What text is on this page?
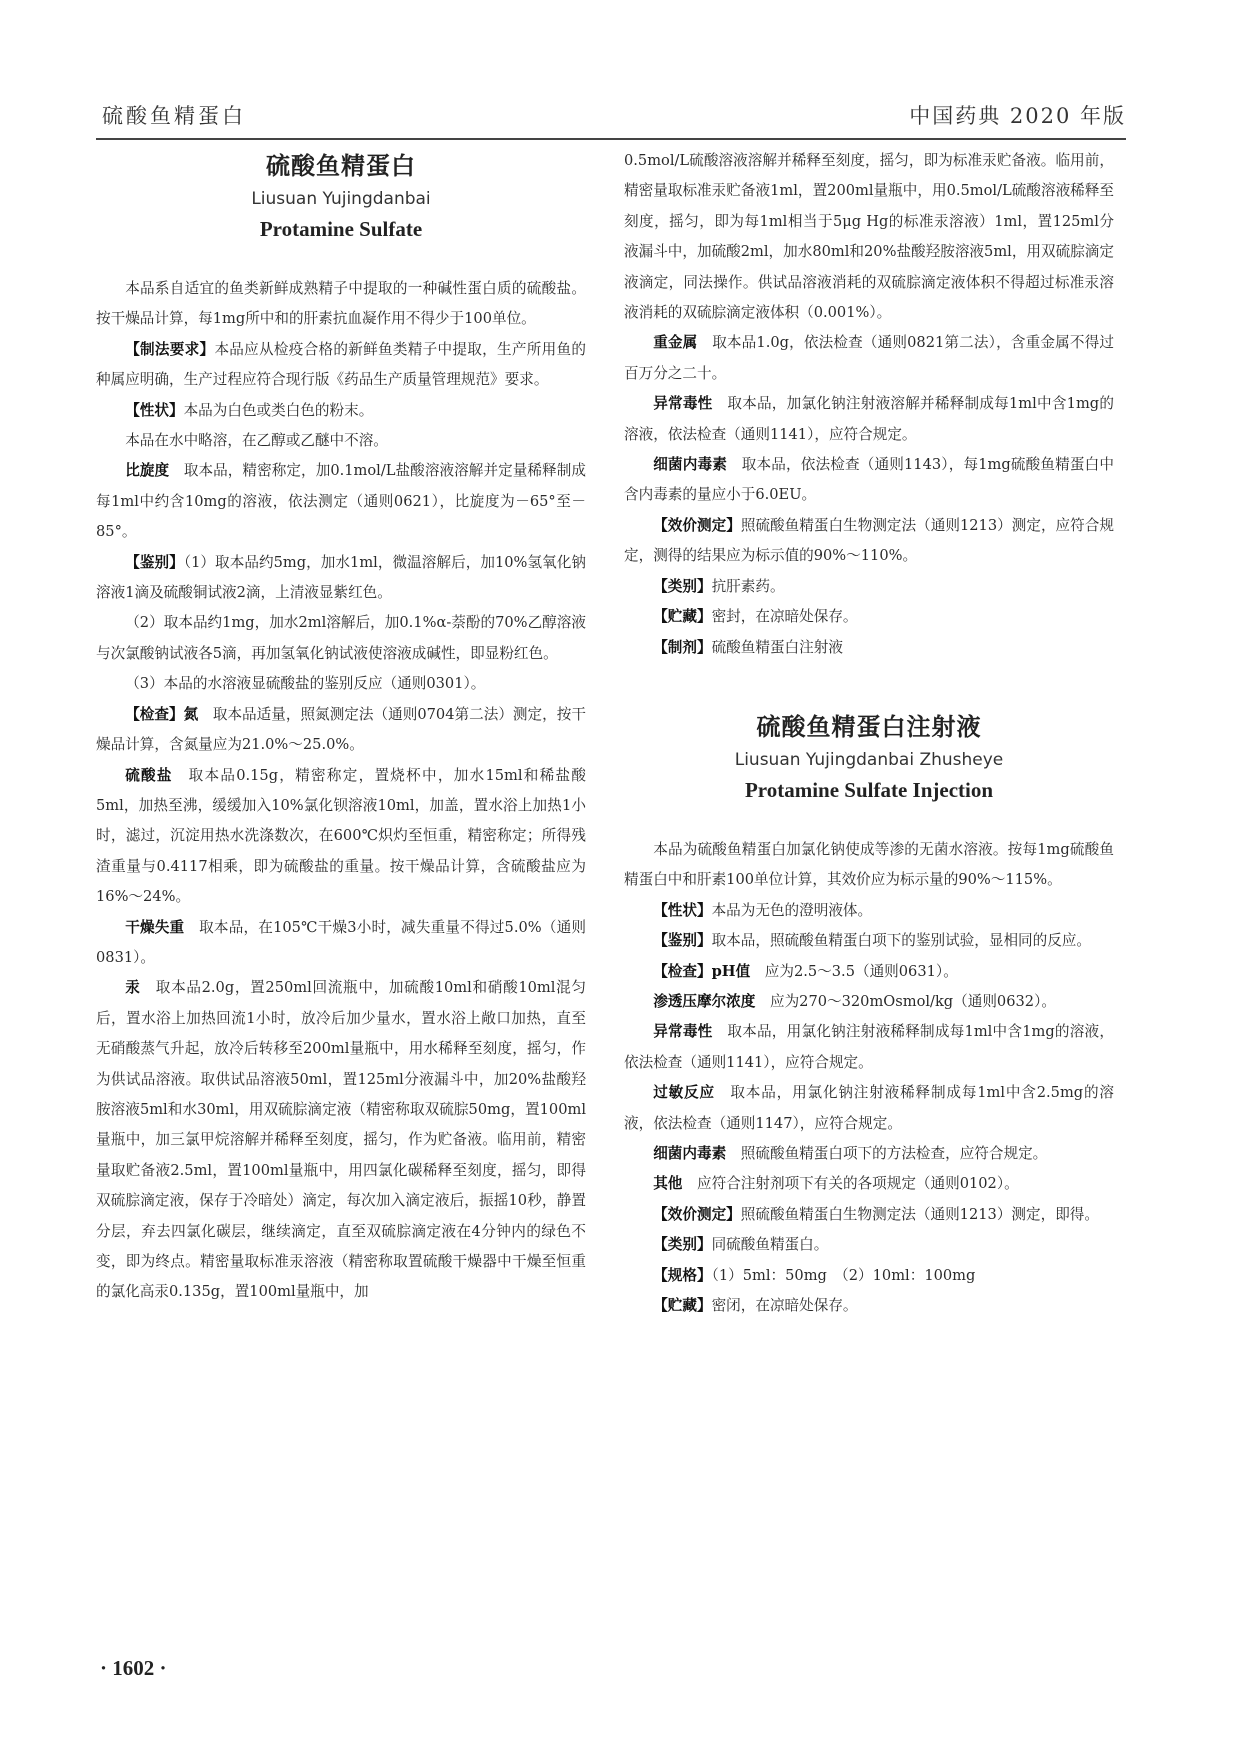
硫酸鱼精蛋白	中国药典 2020 年版
硫酸鱼精蛋白
Liusuan Yujingdanbai
Protamine Sulfate

本品系自适宜的鱼类新鲜成熟精子中提取的一种碱性蛋白质的硫酸盐。按干燥品计算，每1mg所中和的肝素抗血凝作用不得少于100单位。

【制法要求】本品应从检疫合格的新鲜鱼类精子中提取，生产所用鱼的种属应明确，生产过程应符合现行版《药品生产质量管理规范》要求。

【性状】本品为白色或类白色的粉末。

本品在水中略溶，在乙醇或乙醚中不溶。

比旋度　 取本品，精密称定，加0.1mol/L盐酸溶液溶解并定量稀释制成每1ml中约含10mg的溶液，依法测定（通则0621），比旋度为－65°至－85°。

【鉴别】（1）取本品约5mg，加水1ml，微温溶解后，加10%氢氧化钠溶液1滴及硫酸铜试液2滴，上清液显紫红色。

（2）取本品约1mg，加水2ml溶解后，加0.1%α-萘酚的70%乙醇溶液与次氯酸钠试液各5滴，再加氢氧化钠试液使溶液成碱性，即显粉红色。

（3）本品的水溶液显硫酸盐的鉴别反应（通则0301）。

【检查】氮　 取本品适量，照氮测定法（通则0704第二法）测定，按干燥品计算，含氮量应为21.0%～25.0%。

硫酸盐　 取本品0.15g，精密称定，置烧杯中，加水15ml和稀盐酸5ml，加热至沸，缓缓加入10%氯化钡溶液10ml，加盖，置水浴上加热1小时，滤过，沉淀用热水洗涤数次，在600℃炽灼至恒重，精密称定；所得残渣重量与0.4117相乘，即为硫酸盐的重量。按干燥品计算，含硫酸盐应为16%～24%。

干燥失重　 取本品，在105℃干燥3小时，减失重量不得过5.0%（通则0831）。

汞　 取本品2.0g，置250ml回流瓶中，加硫酸10ml和硝酸10ml混匀后，置水浴上加热回流1小时，放冷后加少量水，置水浴上敞口加热，直至无硝酸蒸气升起，放冷后转移至200ml量瓶中，用水稀释至刻度，摇匀，作为供试品溶液。取供试品溶液50ml，置125ml分液漏斗中，加20%盐酸羟胺溶液5ml和水30ml，用双硫腙滴定液（精密称取双硫腙50mg，置100ml量瓶中，加三氯甲烷溶解并稀释至刻度，摇匀，作为贮备液。临用前，精密量取贮备液2.5ml，置100ml量瓶中，用四氯化碳稀释至刻度，摇匀，即得双硫腙滴定液，保存于冷暗处）滴定，每次加入滴定液后，振摇10秒，静置分层，弃去四氯化碳层，继续滴定，直至双硫腙滴定液在4分钟内的绿色不变，即为终点。精密量取标准汞溶液（精密称取置硫酸干燥器中干燥至恒重的氯化高汞0.135g，置100ml量瓶中，加

0.5mol/L硫酸溶液溶解并稀释至刻度，摇匀，即为标准汞贮备液。临用前，精密量取标准汞贮备液1ml，置200ml量瓶中，用0.5mol/L硫酸溶液稀释至刻度，摇匀，即为每1ml相当于5μg Hg的标准汞溶液）1ml，置125ml分液漏斗中，加硫酸2ml，加水80ml和20%盐酸羟胺溶液5ml，用双硫腙滴定液滴定，同法操作。供试品溶液消耗的双硫腙滴定液体积不得超过标准汞溶液消耗的双硫腙滴定液体积（0.001%）。

重金属　 取本品1.0g，依法检查（通则0821第二法），含重金属不得过百万分之二十。

异常毒性　 取本品，加氯化钠注射液溶解并稀释制成每1ml中含1mg的溶液，依法检查（通则1141），应符合规定。

细菌内毒素　 取本品，依法检查（通则1143），每1mg硫酸鱼精蛋白中含内毒素的量应小于6.0EU。

【效价测定】照硫酸鱼精蛋白生物测定法（通则1213）测定，应符合规定，测得的结果应为标示值的90%～110%。

【类别】抗肝素药。

【贮藏】密封，在凉暗处保存。

【制剂】硫酸鱼精蛋白注射液

硫酸鱼精蛋白注射液
Liusuan Yujingdanbai Zhusheye
Protamine Sulfate Injection

本品为硫酸鱼精蛋白加氯化钠使成等渗的无菌水溶液。按每1mg硫酸鱼精蛋白中和肝素100单位计算，其效价应为标示量的90%～115%。

【性状】本品为无色的澄明液体。

【鉴别】取本品，照硫酸鱼精蛋白项下的鉴别试验，显相同的反应。

【检查】pH值　 应为2.5～3.5（通则0631）。

渗透压摩尔浓度　 应为270～320mOsmol/kg（通则0632）。

异常毒性　 取本品，用氯化钠注射液稀释制成每1ml中含1mg的溶液，依法检查（通则1141），应符合规定。

过敏反应　 取本品，用氯化钠注射液稀释制成每1ml中含2.5mg的溶液，依法检查（通则1147），应符合规定。

细菌内毒素　 照硫酸鱼精蛋白项下的方法检查，应符合规定。

其他　 应符合注射剂项下有关的各项规定（通则0102）。

【效价测定】照硫酸鱼精蛋白生物测定法（通则1213）测定，即得。

【类别】同硫酸鱼精蛋白。

【规格】（1）5ml：50mg　（2）10ml：100mg

【贮藏】密闭，在凉暗处保存。

· 1602 ·
